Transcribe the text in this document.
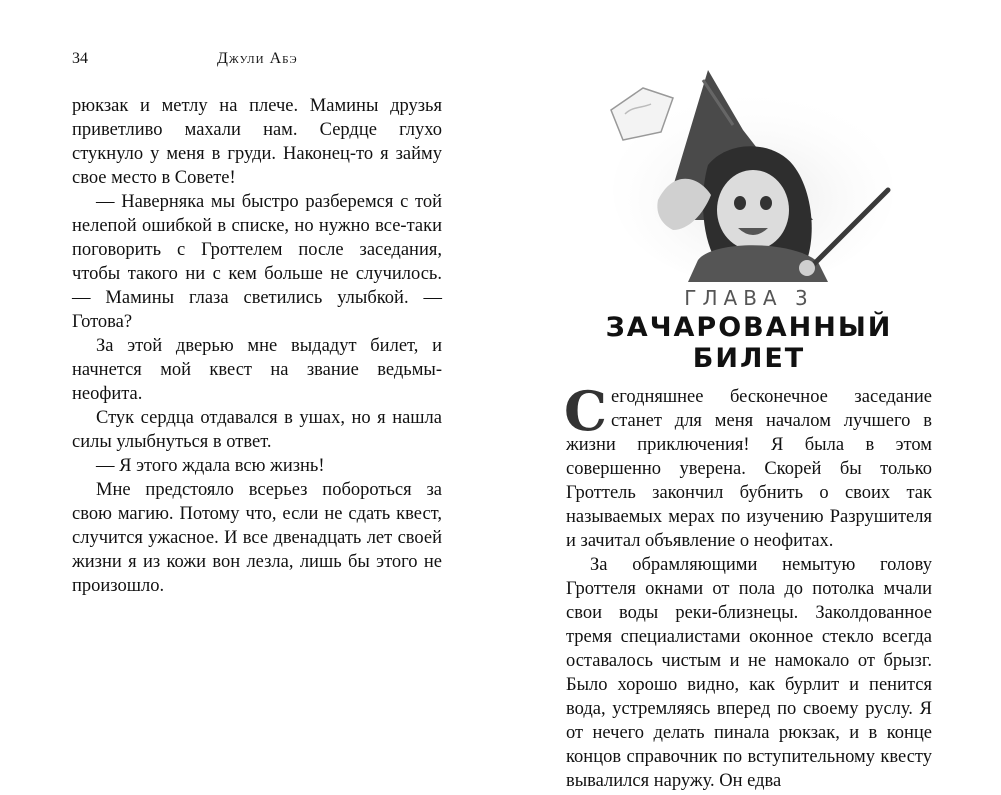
34	Джули Абэ

рюкзак и метлу на плече. Мамины друзья приветливо махали нам. Сердце глухо стукнуло у меня в груди. Наконец-то я займу свое место в Совете!

— Наверняка мы быстро разберемся с той нелепой ошибкой в списке, но нужно все-таки поговорить с Гроттелем после заседания, чтобы такого ни с кем больше не случилось. — Мамины глаза светились улыбкой. — Готова?

За этой дверью мне выдадут билет, и начнется мой квест на звание ведьмы-неофита.

Стук сердца отдавался в ушах, но я нашла силы улыбнуться в ответ.

— Я этого ждала всю жизнь!

Мне предстояло всерьез побороться за свою магию. Потому что, если не сдать квест, случится ужасное. И все двенадцать лет своей жизни я из кожи вон лезла, лишь бы этого не произошло.

ГЛАВА 3
ЗАЧАРОВАННЫЙ БИЛЕТ

Сегодняшнее бесконечное заседание станет для меня началом лучшего в жизни приключения! Я была в этом совершенно уверена. Скорей бы только Гроттель закончил бубнить о своих так называемых мерах по изучению Разрушителя и зачитал объявление о неофитах.

За обрамляющими немытую голову Гроттеля окнами от пола до потолка мчали свои воды реки-близнецы. Заколдованное тремя специалистами оконное стекло всегда оставалось чистым и не намокало от брызг. Было хорошо видно, как бурлит и пенится вода, устремляясь вперед по своему руслу. Я от нечего делать пинала рюкзак, и в конце концов справочник по вступительному квесту вывалился наружу. Он едва
